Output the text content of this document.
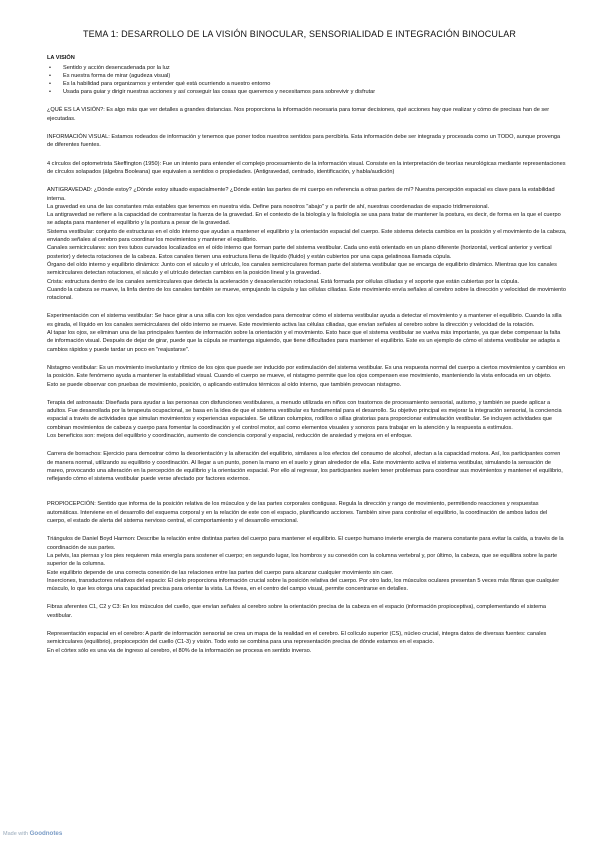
TEMA 1: DESARROLLO DE LA VISIÓN BINOCULAR, SENSORIALIDAD E INTEGRACIÓN BINOCULAR

LA VISIÓN

• Sentido y acción desencadenada por la luz
• Es nuestra forma de mirar (agudeza visual)
• Es la habilidad para organizarnos y entender qué está ocurriendo a nuestro entorno
• Usada para guiar y dirigir nuestras acciones y así conseguir las cosas que queremos y necesitamos para sobrevivir y disfrutar

¿QUÉ ES LA VISIÓN?: Es algo más que ver detalles a grandes distancias. Nos proporciona la información necesaria para tomar decisiones, qué acciones hay que realizar y cómo de precisas han de ser ejecutadas.

INFORMACIÓN VISUAL: Estamos rodeados de información y tenemos que poner todos nuestros sentidos para percibirla. Esta información debe ser integrada y procesada como un TODO, aunque provenga de diferentes fuentes.

4 círculos del optometrista Skeffington (1950): Fue un intento para entender el complejo procesamiento de la información visual. Consiste en la interpretación de teorías neurológicas mediante representaciones de círculos solapados (álgebra Booleana) que equivalen a sentidos o propiedades. (Antigravedad, centrado, identificación, y habla/audición)

ANTIGRAVEDAD: ¿Dónde estoy? ¿Dónde estoy situado espacialmente? ¿Dónde están las partes de mi cuerpo en referencia a otras partes de mí? Nuestra percepción espacial es clave para la estabilidad interna.

La gravedad es una de las constantes más estables que tenemos en nuestra vida. Define para nosotros "abajo" y a partir de ahí, nuestras coordenadas de espacio tridimensional.

La antigravedad se refiere a la capacidad de contrarrestar la fuerza de la gravedad. En el contexto de la biología y la fisiología se usa para tratar de mantener la postura, es decir, de forma en la que el cuerpo se adapta para mantener el equilibrio y la postura a pesar de la gravedad.

Sistema vestibular: conjunto de estructuras en el oído interno que ayudan a mantener el equilibrio y la orientación espacial del cuerpo. Este sistema detecta cambios en la posición y el movimiento de la cabeza, enviando señales al cerebro para coordinar los movimientos y mantener el equilibrio.

Canales semicirculares: son tres tubos curvados localizados en el oído interno que forman parte del sistema vestibular. Cada uno está orientado en un plano diferente (horizontal, vertical anterior y vertical posterior) y detecta rotaciones de la cabeza. Estos canales tienen una estructura llena de líquido (fluido) y están cubiertos por una capa gelatinosa llamada cúpula.

Órgano del oído interno y equilibrio dinámico: Junto con el sáculo y el utrículo, los canales semicirculares forman parte del sistema vestibular que se encarga de equilibrio dinámico. Mientras que los canales semicirculares detectan rotaciones, el sáculo y el utrículo detectan cambios en la posición lineal y la gravedad.

Crista: estructura dentro de los canales semicirculares que detecta la aceleración y desaceleración rotacional. Está formada por células ciliadas y el soporte que están cubiertas por la cúpula.

Cuando la cabeza se mueve, la linfa dentro de los canales también se mueve, empujando la cúpula y las células ciliadas. Este movimiento envía señales al cerebro sobre la dirección y velocidad de movimiento rotacional.

Experimentación con el sistema vestibular: Se hace girar a una silla con los ojos vendados para demostrar cómo el sistema vestibular ayuda a detectar el movimiento y a mantener el equilibrio. Cuando la silla es girada, el líquido en los canales semicirculares del oído interno se mueve. Este movimiento activa las células ciliadas, que envían señales al cerebro sobre la dirección y velocidad de la rotación.

Al tapar los ojos, se eliminan una de las principales fuentes de información sobre la orientación y el movimiento. Esto hace que el sistema vestibular se vuelva más importante, ya que debe compensar la falta de información visual. Después de dejar de girar, puede que la cúpula se mantenga siguiendo, que tiene dificultades para mantener el equilibrio. Este es un ejemplo de cómo el sistema vestibular se adapta a cambios rápidos y puede tardar un poco en "reajustarse".

Nistagmo vestibular: Es un movimiento involuntario y rítmico de los ojos que puede ser inducido por estimulación del sistema vestibular. Es una respuesta normal del cuerpo a ciertos movimientos y cambios en la posición. Este fenómeno ayuda a mantener la estabilidad visual. Cuando el cuerpo se mueve, el nistagmo permite que los ojos compensen ese movimiento, manteniendo la vista enfocada en un objeto.

Esto se puede observar con pruebas de movimiento, posición, o aplicando estímulos térmicos al oído interno, que también provocan nistagmo.

Terapia del astronauta: Diseñada para ayudar a las personas con disfunciones vestibulares, a menudo utilizada en niños con trastornos de procesamiento sensorial, autismo, y también se puede aplicar a adultos. Fue desarrollada por la terapeuta ocupacional, se basa en la idea de que el sistema vestibular es fundamental para el desarrollo. Su objetivo principal es mejorar la integración sensorial, la conciencia espacial a través de actividades que simulan movimientos y experiencias espaciales. Se utilizan columpios, rodillos o sillas giratorias para proporcionar estimulación vestibular. Se incluyen actividades que combinan movimientos de cabeza y cuerpo para fomentar la coordinación y el control motor, así como elementos visuales y sonoros para trabajar en la atención y la respuesta a estímulos.

Los beneficios son: mejora del equilibrio y coordinación, aumento de conciencia corporal y espacial, reducción de ansiedad y mejora en el enfoque.

Carrera de borrachos: Ejercicio para demostrar cómo la desorientación y la alteración del equilibrio, similares a los efectos del consumo de alcohol, afectan a la capacidad motora. Así, los participantes corren de manera normal, utilizando su equilibrio y coordinación. Al llegar a un punto, ponen la mano en el suelo y giran alrededor de ella. Este movimiento activa el sistema vestibular, simulando la sensación de mareo, provocando una alteración en la percepción de equilibrio y la orientación espacial. Por ello al regresar, los participantes suelen tener problemas para coordinar sus movimientos y mantener el equilibrio, reflejando cómo el sistema vestibular puede verse afectado por factores externos.

PROPIOCEPCIÓN: Sentido que informa de la posición relativa de los músculos y de las partes corporales contiguas. Regula la dirección y rango de movimiento, permitiendo reacciones y respuestas automáticas. Interviene en el desarrollo del esquema corporal y en la relación de este con el espacio, planificando acciones. También sirve para controlar el equilibrio, la coordinación de ambos lados del cuerpo, el estado de alerta del sistema nervioso central, el comportamiento y el desarrollo emocional.

Triángulos de Daniel Boyd Harmon: Describe la relación entre distintas partes del cuerpo para mantener el equilibrio. El cuerpo humano invierte energía de manera constante para evitar la caída, a través de la coordinación de sus partes.

La pelvis, las piernas y los pies requieren más energía para sostener el cuerpo; en segundo lugar, los hombros y su conexión con la columna vertebral y, por último, la cabeza, que se equilibra sobre la parte superior de la columna.

Este equilibrio depende de una correcta conexión de las relaciones entre las partes del cuerpo para alcanzar cualquier movimiento sin caer.

Inserciones, transductores relativos del espacio: El cielo proporciona información crucial sobre la posición relativa del cuerpo. Por otro lado, los músculos oculares presentan 5 veces más fibras que cualquier músculo, lo que les otorga una capacidad precisa para orientar la vista. La fóvea, en el centro del campo visual, permite concentrarse en detalles.

Fibras aferentes C1, C2 y C3: En los músculos del cuello, que envían señales al cerebro sobre la orientación precisa de la cabeza en el espacio (información propioceptiva), complementando el sistema vestibular.

Representación espacial en el cerebro: A partir de información sensorial se crea un mapa de la realidad en el cerebro. El colículo superior (CS), núcleo crucial, integra datos de diversas fuentes: canales semicirculares (equilibrio), propiocepción del cuello (C1-3) y visión. Todo esto se combina para una representación precisa de dónde estamos en el espacio.

En el córtex sólo es una via de ingreso al cerebro, el 80% de la información se procesa en sentido inverso.

Made with Goodnotes
